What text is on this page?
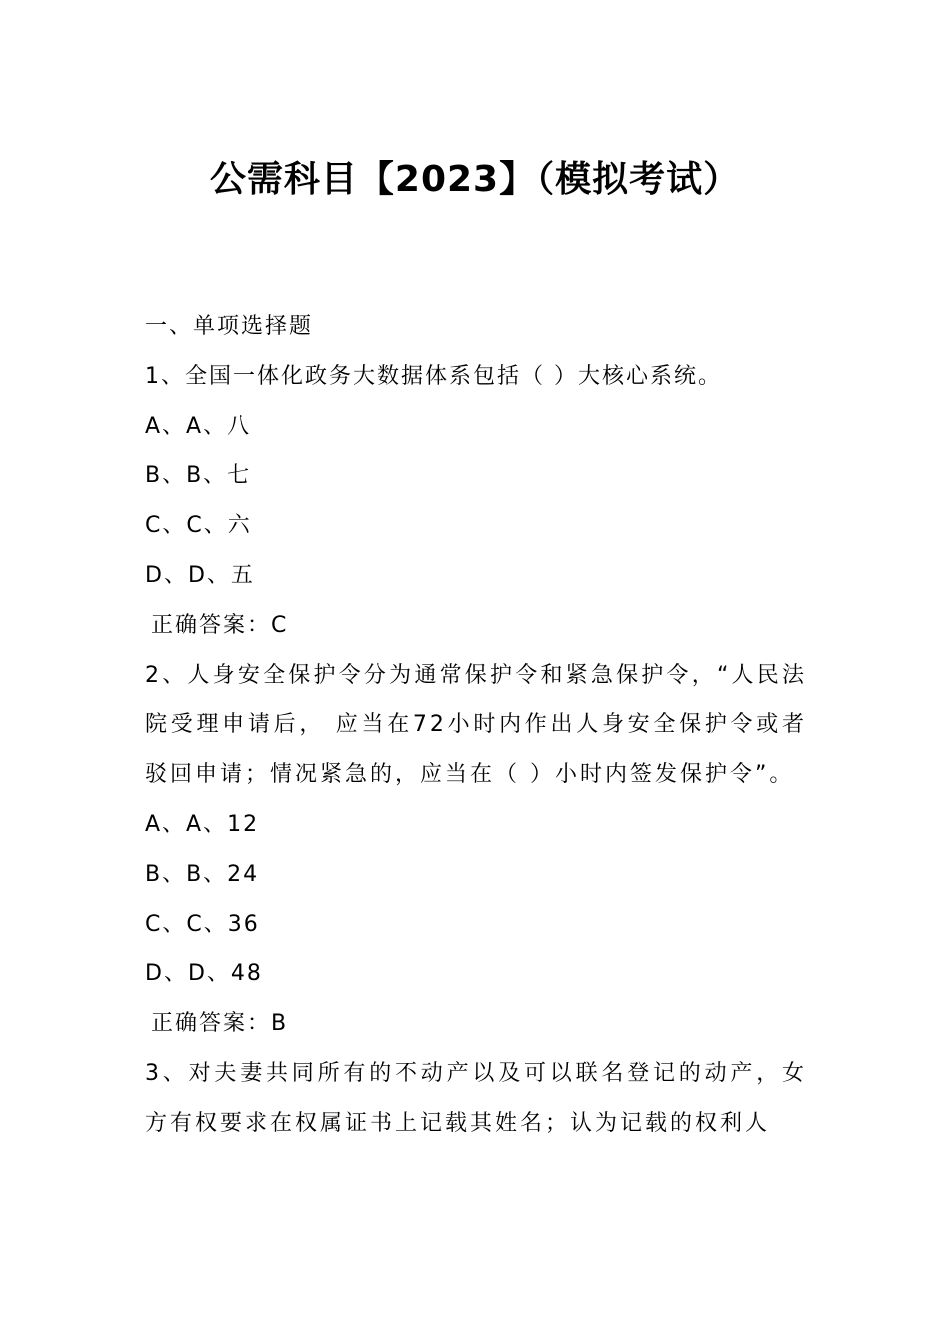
公需科目【2023】（模拟考试）
一、单项选择题
1、全国一体化政务大数据体系包括（ ）大核心系统。
A、A、八
B、B、七
C、C、六
D、D、五
正确答案：C
2、人身安全保护令分为通常保护令和紧急保护令，“人民法院受理申请后， 应当在72小时内作出人身安全保护令或者驳回申请；情况紧急的，应当在（ ）小时内签发保护令”。
A、A、12
B、B、24
C、C、36
D、D、48
正确答案：B
3、对夫妻共同所有的不动产以及可以联名登记的动产，女方有权要求在权属证书上记载其姓名；认为记载的权利人
